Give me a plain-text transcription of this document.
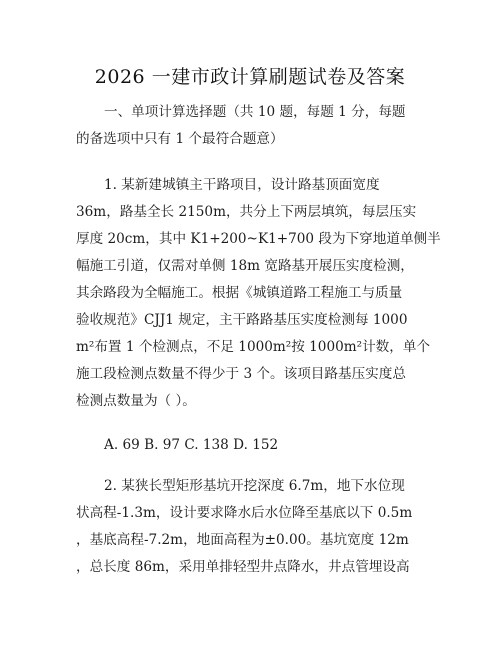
2026 一建市政计算刷题试卷及答案
一、单项计算选择题（共 10 题，每题 1 分，每题
的备选项中只有 1 个最符合题意）
1. 某新建城镇主干路项目，设计路基顶面宽度
36m，路基全长 2150m，共分上下两层填筑，每层压实
厚度 20cm，其中 K1+200~K1+700 段为下穿地道单侧半
幅施工引道，仅需对单侧 18m 宽路基开展压实度检测，
其余路段为全幅施工。根据《城镇道路工程施工与质量
验收规范》CJJ1 规定，主干路路基压实度检测每 1000
m²布置 1 个检测点，不足 1000m²按 1000m²计数，单个
施工段检测点数量不得少于 3 个。该项目路基压实度总
检测点数量为（ ）。
A. 69 B. 97 C. 138 D. 152
2. 某狭长型矩形基坑开挖深度 6.7m，地下水位现
状高程-1.3m，设计要求降水后水位降至基底以下 0.5m
，基底高程-7.2m，地面高程为±0.00。基坑宽度 12m
，总长度 86m，采用单排轻型井点降水，井点管埋设高
